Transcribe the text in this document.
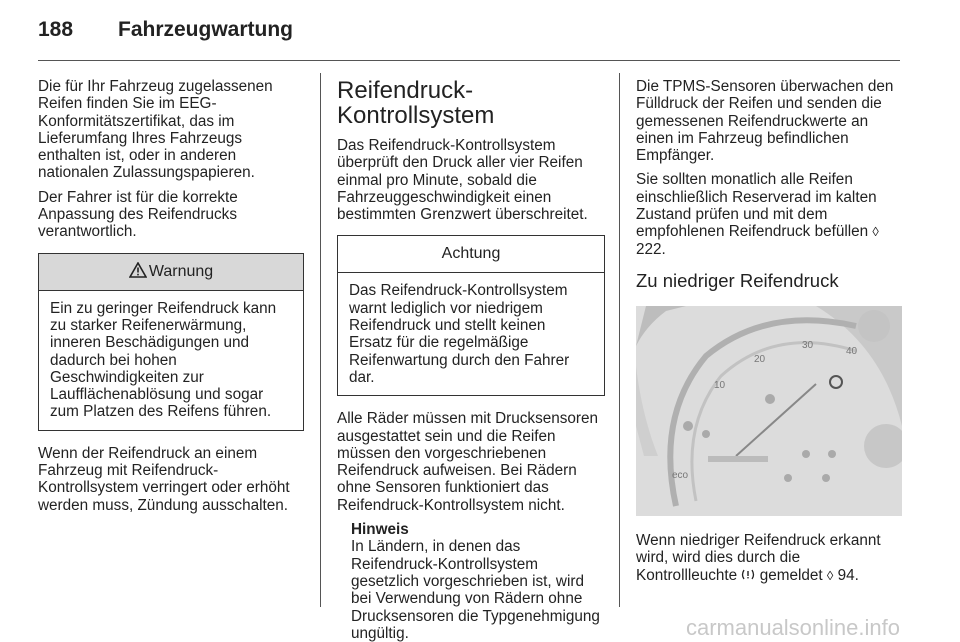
188 Fahrzeugwartung

Die für Ihr Fahrzeug zugelassenen Reifen finden Sie im EEG-Konformitätszertifikat, das im Lieferumfang Ihres Fahrzeugs enthalten ist, oder in anderen nationalen Zulassungspapieren.

Der Fahrer ist für die korrekte Anpassung des Reifendrucks verantwortlich.

Warnung
Ein zu geringer Reifendruck kann zu starker Reifenerwärmung, inneren Beschädigungen und dadurch bei hohen Geschwindigkeiten zur Laufflächenablösung und sogar zum Platzen des Reifens führen.

Wenn der Reifendruck an einem Fahrzeug mit Reifendruck-Kontrollsystem verringert oder erhöht werden muss, Zündung ausschalten.

Reifendruck-Kontrollsystem

Das Reifendruck-Kontrollsystem überprüft den Druck aller vier Reifen einmal pro Minute, sobald die Fahrzeuggeschwindigkeit einen bestimmten Grenzwert überschreitet.

Achtung
Das Reifendruck-Kontrollsystem warnt lediglich vor niedrigem Reifendruck und stellt keinen Ersatz für die regelmäßige Reifenwartung durch den Fahrer dar.

Alle Räder müssen mit Drucksensoren ausgestattet sein und die Reifen müssen den vorgeschriebenen Reifendruck aufweisen. Bei Rädern ohne Sensoren funktioniert das Reifendruck-Kontrollsystem nicht.

Hinweis
In Ländern, in denen das Reifendruck-Kontrollsystem gesetzlich vorgeschrieben ist, wird bei Verwendung von Rädern ohne Drucksensoren die Typgenehmigung ungültig.

Die TPMS-Sensoren überwachen den Fülldruck der Reifen und senden die gemessenen Reifendruckwerte an einen im Fahrzeug befindlichen Empfänger.

Sie sollten monatlich alle Reifen einschließlich Reserverad im kalten Zustand prüfen und mit dem empfohlenen Reifendruck befüllen ◊ 222.

Zu niedriger Reifendruck
10
20
30
40
eco

Wenn niedriger Reifendruck erkannt wird, wird dies durch die Kontrollleuchte gemeldet ◊ 94.

carmanualsonline.info
